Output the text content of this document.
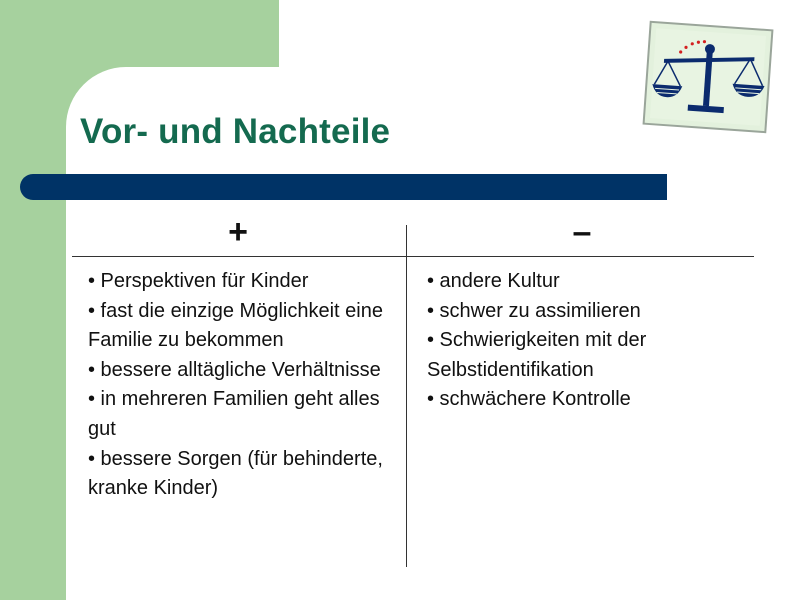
Vor- und Nachteile
+	–
• Perspektiven für Kinder
• fast die einzige Möglichkeit eine Familie zu bekommen
• bessere alltägliche Verhältnisse
• in mehreren Familien geht alles gut
• bessere Sorgen (für behinderte, kranke Kinder)
• andere Kultur
• schwer zu assimilieren
• Schwierigkeiten mit der Selbstidentifikation
• schwächere Kontrolle
